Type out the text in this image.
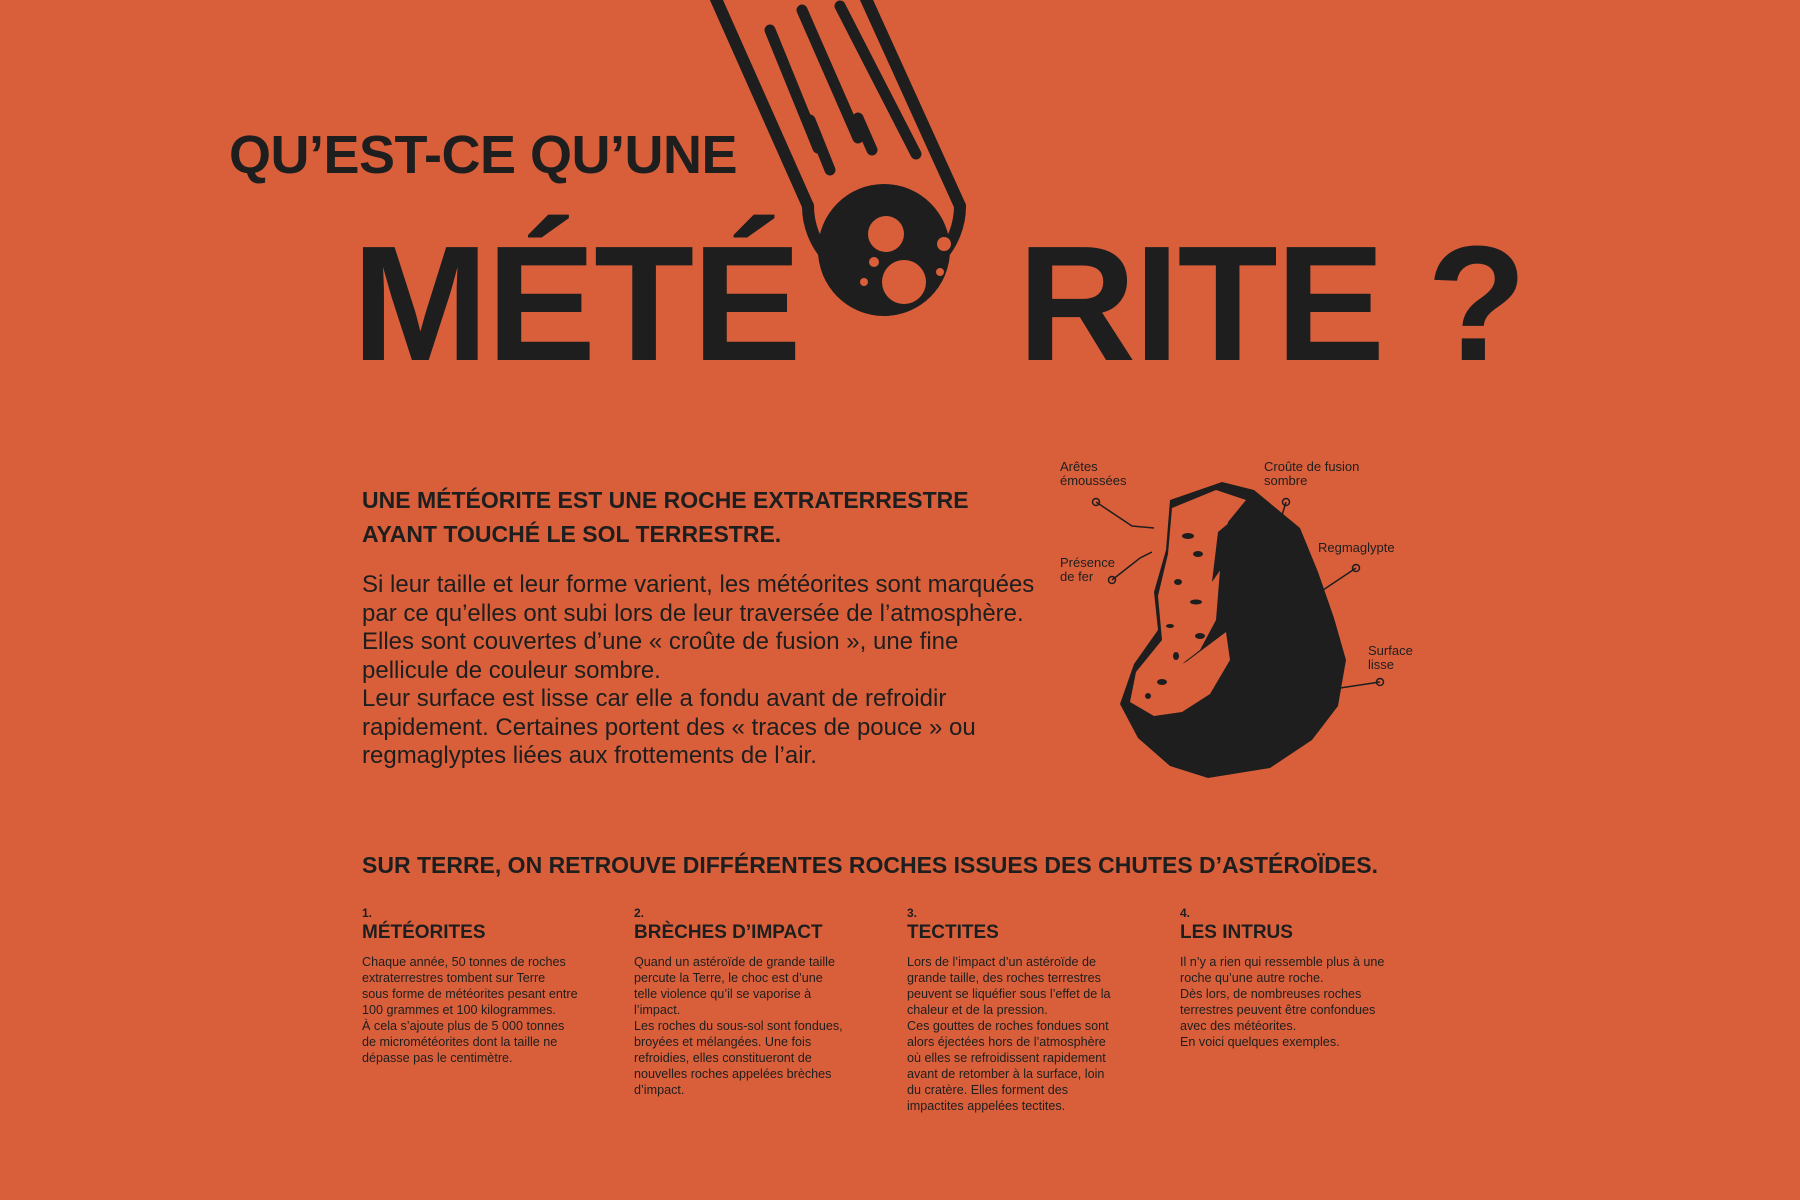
QU’EST-CE QU’UNE
MÉTÉ RITE ?
UNE MÉTÉORITE EST UNE ROCHE EXTRATERRESTRE AYANT TOUCHÉ LE SOL TERRESTRE.

Si leur taille et leur forme varient, les météorites sont marquées par ce qu’elles ont subi lors de leur traversée de l’atmosphère. Elles sont couvertes d’une « croûte de fusion », une fine pellicule de couleur sombre.

Leur surface est lisse car elle a fondu avant de refroidir rapidement. Certaines portent des « traces de pouce » ou regmaglyptes liées aux frottements de l’air.

Arêtes
émoussées
Croûte de fusion
sombre
Regmaglypte
Présence
de fer
Surface
lisse
SUR TERRE, ON RETROUVE DIFFÉRENTES ROCHES ISSUES DES CHUTES D’ASTÉROÏDES.
1.
MÉTÉORITES
Chaque année, 50 tonnes de roches
extraterrestres tombent sur Terre
sous forme de météorites pesant entre
100 grammes et 100 kilogrammes.
À cela s’ajoute plus de 5 000 tonnes
de micrométéorites dont la taille ne
dépasse pas le centimètre.
2.
BRÈCHES D’IMPACT
Quand un astéroïde de grande taille
percute la Terre, le choc est d’une
telle violence qu’il se vaporise à
l’impact.
Les roches du sous-sol sont fondues,
broyées et mélangées. Une fois
refroidies, elles constitueront de
nouvelles roches appelées brèches
d’impact.
3.
TECTITES
Lors de l’impact d’un astéroïde de
grande taille, des roches terrestres
peuvent se liquéfier sous l’effet de la
chaleur et de la pression.
Ces gouttes de roches fondues sont
alors éjectées hors de l’atmosphère
où elles se refroidissent rapidement
avant de retomber à la surface, loin
du cratère. Elles forment des
impactites appelées tectites.
4.
LES INTRUS
Il n’y a rien qui ressemble plus à une
roche qu’une autre roche.
Dès lors, de nombreuses roches
terrestres peuvent être confondues
avec des météorites.
En voici quelques exemples.
